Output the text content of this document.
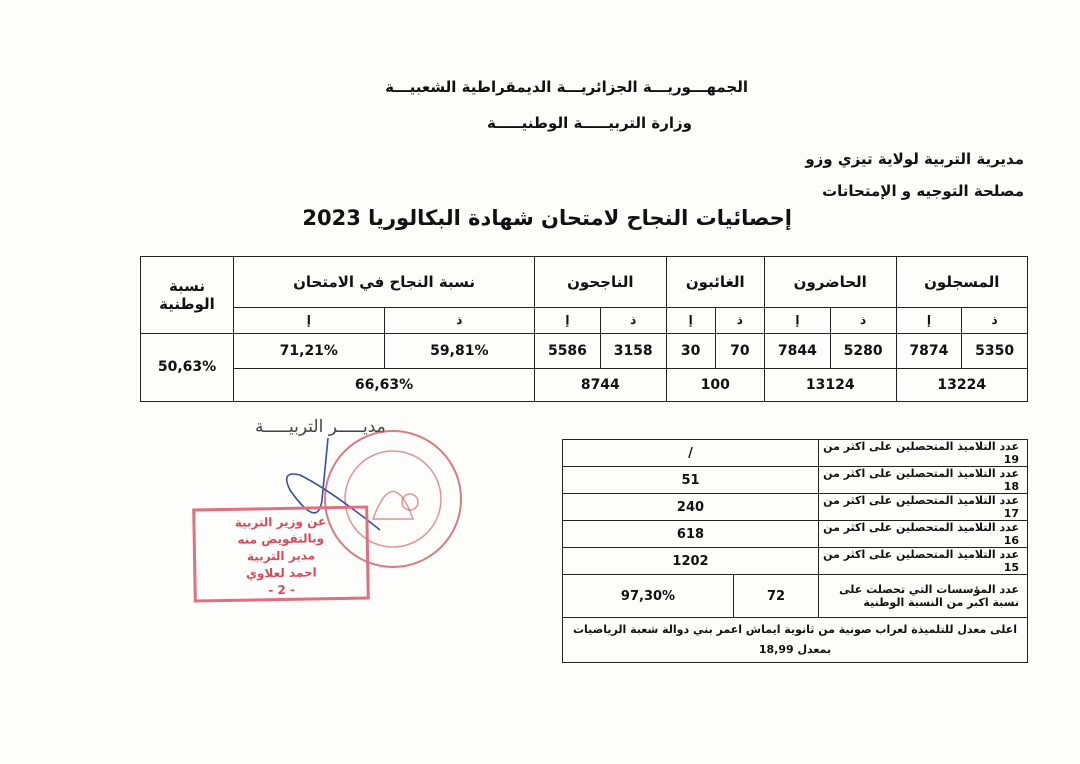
الجمهـــوريـــة الجزائريـــة الديمقراطية الشعبيـــة
وزارة التربيـــــة الوطنيـــــة
مديرية التربية لولاية تيزي وزو
مصلحة التوجيه و الإمتحانات
إحصائيات النجاح لامتحان شهادة البكالوريا 2023
المسجلون		الحاضرون		الغائبون		الناجحون		نسبة النجاح في الامتحان		نسبة الوطنية
ذ	إ	ذ	إ	ذ	إ	ذ	إ	ذ	إ	
5350	7874	5280	7844	70	30	3158	5586	59,81%	71,21%	50,63%
13224		13124		100		8744		66,63%		
عدد التلاميذ المتحصلين على اكثر من 19	/	
عدد التلاميذ المتحصلين على اكثر من 18	51	
عدد التلاميذ المتحصلين على اكثر من 17	240	
عدد التلاميذ المتحصلين على اكثر من 16	618	
عدد التلاميذ المتحصلين على اكثر من 15	1202	
عدد المؤسسات التي تحصلت على نسبة اكبر من النسبة الوطنية	72	97,30%

اعلى معدل للتلميذة لعراب صونية من ثانوية ايماش اعمر بني دوالة شعبة الرياضيات
بمعدل 18,99		
مديـــــر التربيـــــة
عن وزير التربية
وبالتفويض منه
مدير التربية
احمد لعلاوي
- 2 -
